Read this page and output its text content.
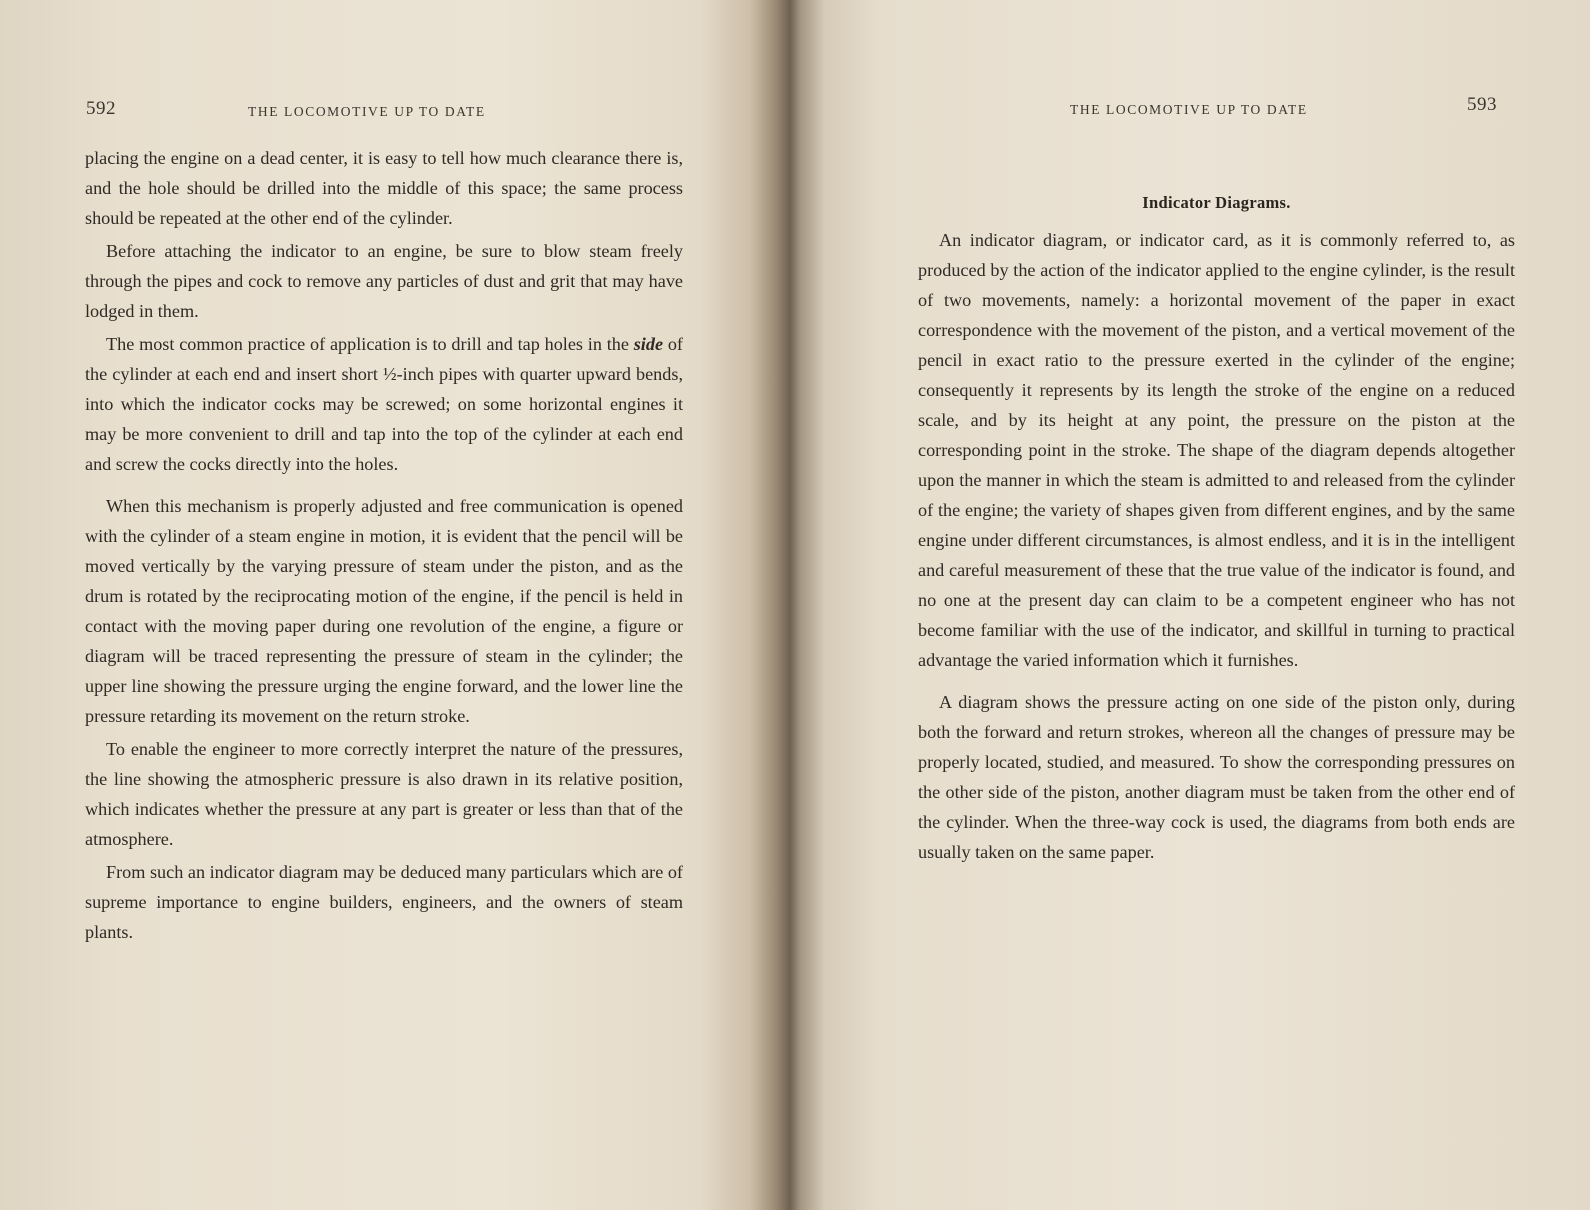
592	THE LOCOMOTIVE UP TO DATE

placing the engine on a dead center, it is easy to tell how much clearance there is, and the hole should be drilled into the middle of this space; the same process should be repeated at the other end of the cylinder.

Before attaching the indicator to an engine, be sure to blow steam freely through the pipes and cock to remove any particles of dust and grit that may have lodged in them.

The most common practice of application is to drill and tap holes in the side of the cylinder at each end and insert short ½-inch pipes with quarter upward bends, into which the indicator cocks may be screwed; on some horizontal engines it may be more convenient to drill and tap into the top of the cylinder at each end and screw the cocks directly into the holes.

When this mechanism is properly adjusted and free communication is opened with the cylinder of a steam engine in motion, it is evident that the pencil will be moved vertically by the varying pressure of steam under the piston, and as the drum is rotated by the reciprocating motion of the engine, if the pencil is held in contact with the moving paper during one revolution of the engine, a figure or diagram will be traced representing the pressure of steam in the cylinder; the upper line showing the pressure urging the engine forward, and the lower line the pressure retarding its movement on the return stroke.

To enable the engineer to more correctly interpret the nature of the pressures, the line showing the atmospheric pressure is also drawn in its relative position, which indicates whether the pressure at any part is greater or less than that of the atmosphere.

From such an indicator diagram may be deduced many particulars which are of supreme importance to engine builders, engineers, and the owners of steam plants.

THE LOCOMOTIVE UP TO DATE	593
Indicator Diagrams.

An indicator diagram, or indicator card, as it is commonly referred to, as produced by the action of the indicator applied to the engine cylinder, is the result of two movements, namely: a horizontal movement of the paper in exact correspondence with the movement of the piston, and a vertical movement of the pencil in exact ratio to the pressure exerted in the cylinder of the engine; consequently it represents by its length the stroke of the engine on a reduced scale, and by its height at any point, the pressure on the piston at the corresponding point in the stroke. The shape of the diagram depends altogether upon the manner in which the steam is admitted to and released from the cylinder of the engine; the variety of shapes given from different engines, and by the same engine under different circumstances, is almost endless, and it is in the intelligent and careful measurement of these that the true value of the indicator is found, and no one at the present day can claim to be a competent engineer who has not become familiar with the use of the indicator, and skillful in turning to practical advantage the varied information which it furnishes.

A diagram shows the pressure acting on one side of the piston only, during both the forward and return strokes, whereon all the changes of pressure may be properly located, studied, and measured. To show the corresponding pressures on the other side of the piston, another diagram must be taken from the other end of the cylinder. When the three-way cock is used, the diagrams from both ends are usually taken on the same paper.
